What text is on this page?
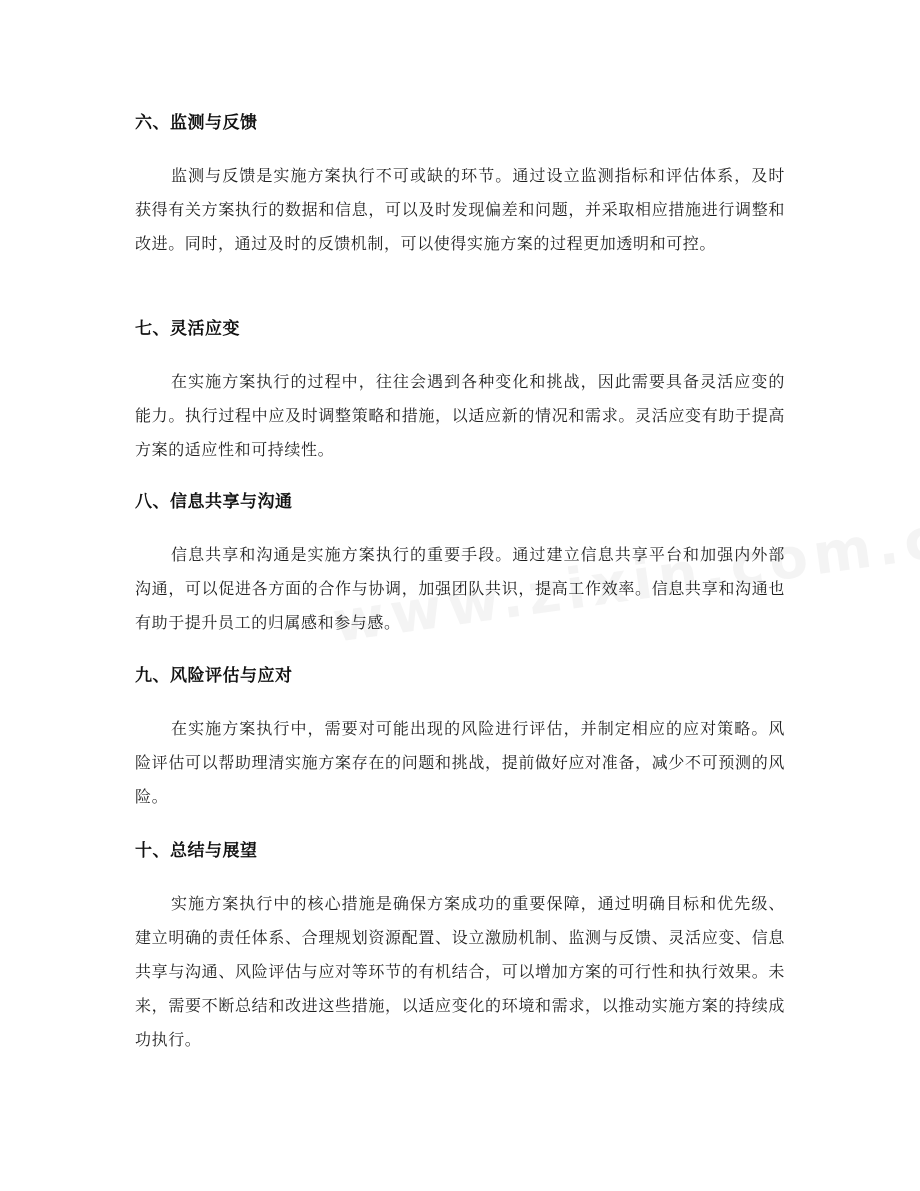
六、监测与反馈

监测与反馈是实施方案执行不可或缺的环节。通过设立监测指标和评估体系，及时获得有关方案执行的数据和信息，可以及时发现偏差和问题，并采取相应措施进行调整和改进。同时，通过及时的反馈机制，可以使得实施方案的过程更加透明和可控。

七、灵活应变

在实施方案执行的过程中，往往会遇到各种变化和挑战，因此需要具备灵活应变的能力。执行过程中应及时调整策略和措施，以适应新的情况和需求。灵活应变有助于提高方案的适应性和可持续性。

八、信息共享与沟通

信息共享和沟通是实施方案执行的重要手段。通过建立信息共享平台和加强内外部沟通，可以促进各方面的合作与协调，加强团队共识，提高工作效率。信息共享和沟通也有助于提升员工的归属感和参与感。

九、风险评估与应对

在实施方案执行中，需要对可能出现的风险进行评估，并制定相应的应对策略。风险评估可以帮助理清实施方案存在的问题和挑战，提前做好应对准备，减少不可预测的风险。

十、总结与展望

实施方案执行中的核心措施是确保方案成功的重要保障，通过明确目标和优先级、建立明确的责任体系、合理规划资源配置、设立激励机制、监测与反馈、灵活应变、信息共享与沟通、风险评估与应对等环节的有机结合，可以增加方案的可行性和执行效果。未来，需要不断总结和改进这些措施，以适应变化的环境和需求，以推动实施方案的持续成功执行。
